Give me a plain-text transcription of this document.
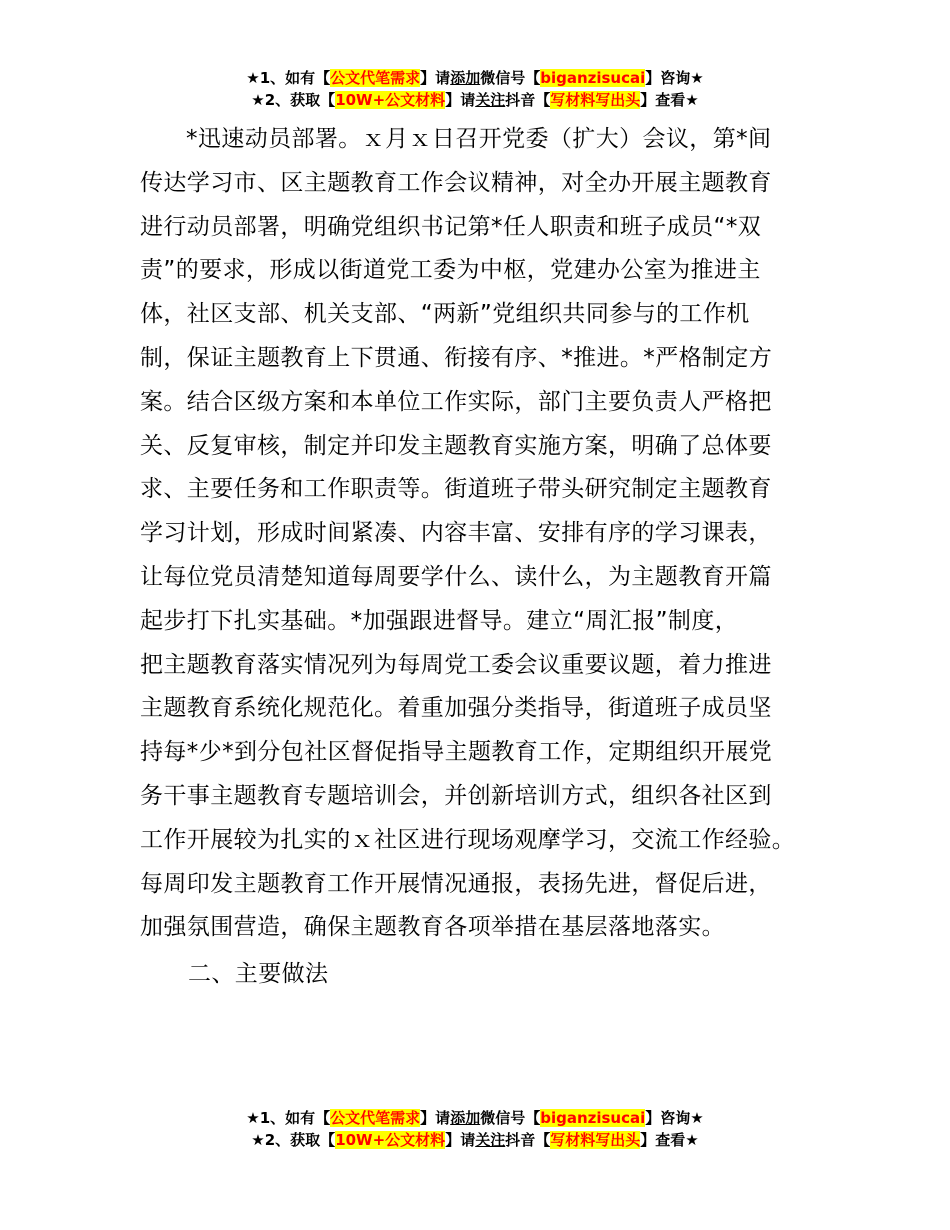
★1、如有【公文代笔需求】请添加微信号【biganzisucai】咨询★
★2、获取【10W+公文材料】请关注抖音【写材料写出头】查看★
*迅速动员部署。ｘ月ｘ日召开党委（扩大）会议，第*间
传达学习市、区主题教育工作会议精神，对全办开展主题教育
进行动员部署，明确党组织书记第*任人职责和班子成员“*双
责”的要求，形成以街道党工委为中枢，党建办公室为推进主
体，社区支部、机关支部、“两新”党组织共同参与的工作机
制，保证主题教育上下贯通、衔接有序、*推进。*严格制定方
案。结合区级方案和本单位工作实际，部门主要负责人严格把
关、反复审核，制定并印发主题教育实施方案，明确了总体要
求、主要任务和工作职责等。街道班子带头研究制定主题教育
学习计划，形成时间紧凑、内容丰富、安排有序的学习课表，
让每位党员清楚知道每周要学什么、读什么，为主题教育开篇
起步打下扎实基础。*加强跟进督导。建立“周汇报”制度，
把主题教育落实情况列为每周党工委会议重要议题，着力推进
主题教育系统化规范化。着重加强分类指导，街道班子成员坚
持每*少*到分包社区督促指导主题教育工作，定期组织开展党
务干事主题教育专题培训会，并创新培训方式，组织各社区到
工作开展较为扎实的ｘ社区进行现场观摩学习，交流工作经验。
每周印发主题教育工作开展情况通报，表扬先进，督促后进，
加强氛围营造，确保主题教育各项举措在基层落地落实。
二、主要做法
★1、如有【公文代笔需求】请添加微信号【biganzisucai】咨询★
★2、获取【10W+公文材料】请关注抖音【写材料写出头】查看★
